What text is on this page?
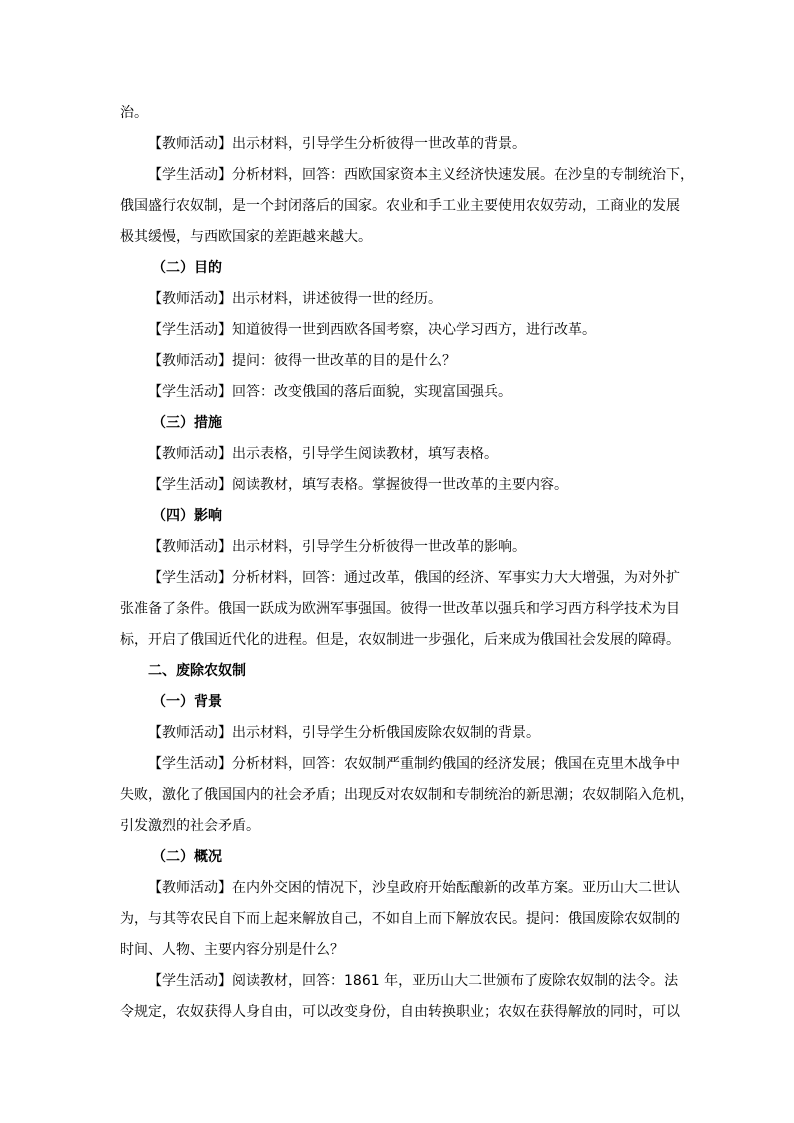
治。
【教师活动】出示材料，引导学生分析彼得一世改革的背景。
【学生活动】分析材料，回答：西欧国家资本主义经济快速发展。在沙皇的专制统治下，
俄国盛行农奴制，是一个封闭落后的国家。农业和手工业主要使用农奴劳动，工商业的发展
极其缓慢，与西欧国家的差距越来越大。
（二）目的
【教师活动】出示材料，讲述彼得一世的经历。
【学生活动】知道彼得一世到西欧各国考察，决心学习西方，进行改革。
【教师活动】提问：彼得一世改革的目的是什么？
【学生活动】回答：改变俄国的落后面貌，实现富国强兵。
（三）措施
【教师活动】出示表格，引导学生阅读教材，填写表格。
【学生活动】阅读教材，填写表格。掌握彼得一世改革的主要内容。
（四）影响
【教师活动】出示材料，引导学生分析彼得一世改革的影响。
【学生活动】分析材料，回答：通过改革，俄国的经济、军事实力大大增强，为对外扩
张准备了条件。俄国一跃成为欧洲军事强国。彼得一世改革以强兵和学习西方科学技术为目
标，开启了俄国近代化的进程。但是，农奴制进一步强化，后来成为俄国社会发展的障碍。
二、废除农奴制
（一）背景
【教师活动】出示材料，引导学生分析俄国废除农奴制的背景。
【学生活动】分析材料，回答：农奴制严重制约俄国的经济发展；俄国在克里木战争中
失败，激化了俄国国内的社会矛盾；出现反对农奴制和专制统治的新思潮；农奴制陷入危机，
引发激烈的社会矛盾。
（二）概况
【教师活动】在内外交困的情况下，沙皇政府开始酝酿新的改革方案。亚历山大二世认
为，与其等农民自下而上起来解放自己，不如自上而下解放农民。提问：俄国废除农奴制的
时间、人物、主要内容分别是什么？
【学生活动】阅读教材，回答：1861 年，亚历山大二世颁布了废除农奴制的法令。法
令规定，农奴获得人身自由，可以改变身份，自由转换职业；农奴在获得解放的同时，可以
